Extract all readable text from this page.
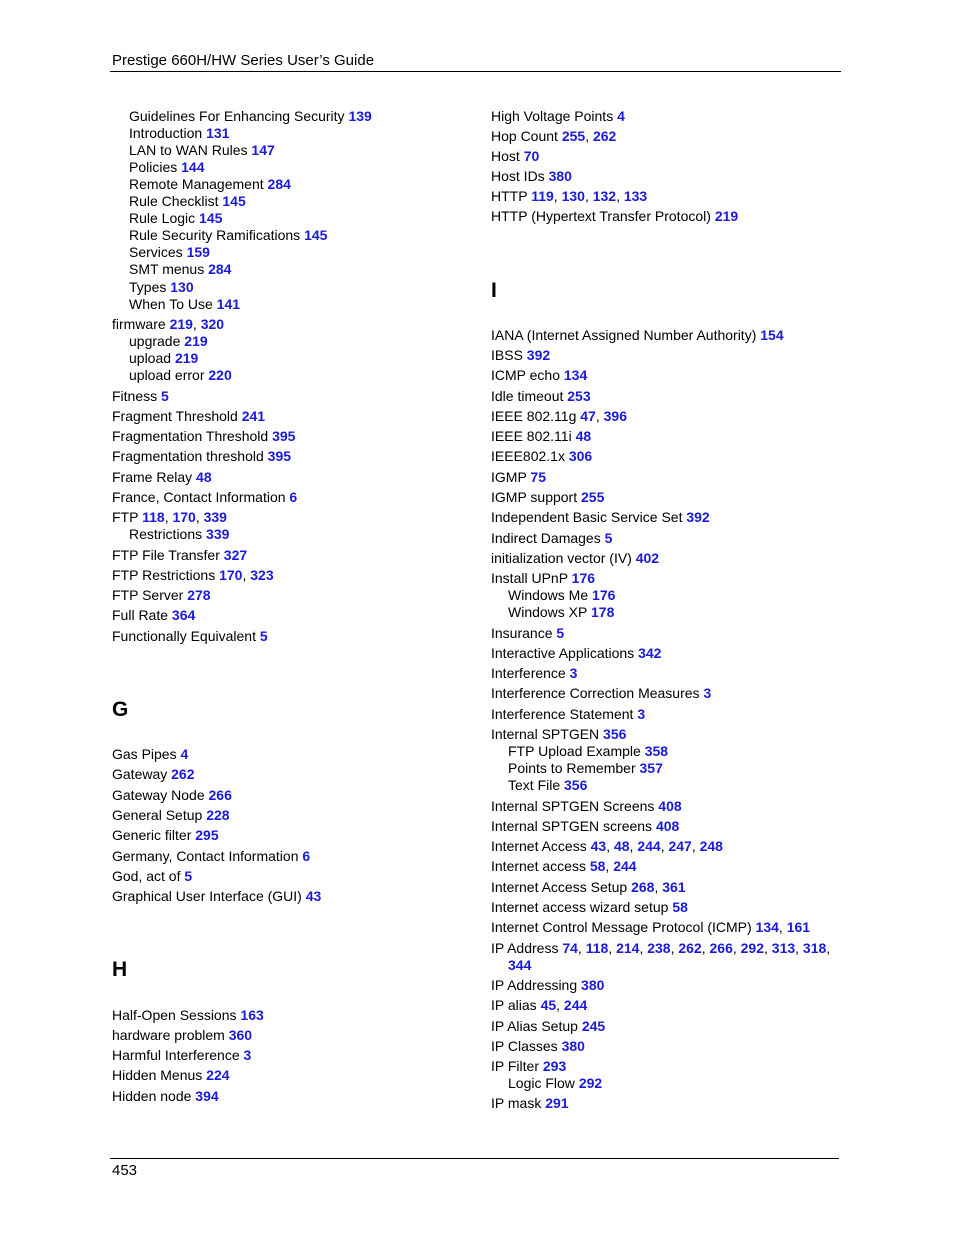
Prestige 660H/HW Series User’s Guide
Guidelines For Enhancing Security 139
Introduction 131
LAN to WAN Rules 147
Policies 144
Remote Management 284
Rule Checklist 145
Rule Logic 145
Rule Security Ramifications 145
Services 159
SMT menus 284
Types 130
When To Use 141
firmware 219, 320
upgrade 219
upload 219
upload error 220
Fitness 5
Fragment Threshold 241
Fragmentation Threshold 395
Fragmentation threshold 395
Frame Relay 48
France, Contact Information 6
FTP 118, 170, 339
Restrictions 339
FTP File Transfer 327
FTP Restrictions 170, 323
FTP Server 278
Full Rate 364
Functionally Equivalent 5
G
Gas Pipes 4
Gateway 262
Gateway Node 266
General Setup 228
Generic filter 295
Germany, Contact Information 6
God, act of 5
Graphical User Interface (GUI) 43
H
Half-Open Sessions 163
hardware problem 360
Harmful Interference 3
Hidden Menus 224
Hidden node 394
High Voltage Points 4
Hop Count 255, 262
Host 70
Host IDs 380
HTTP 119, 130, 132, 133
HTTP (Hypertext Transfer Protocol) 219
I
IANA (Internet Assigned Number Authority) 154
IBSS 392
ICMP echo 134
Idle timeout 253
IEEE 802.11g 47, 396
IEEE 802.11i 48
IEEE802.1x 306
IGMP 75
IGMP support 255
Independent Basic Service Set 392
Indirect Damages 5
initialization vector (IV) 402
Install UPnP 176
Windows Me 176
Windows XP 178
Insurance 5
Interactive Applications 342
Interference 3
Interference Correction Measures 3
Interference Statement 3
Internal SPTGEN 356
FTP Upload Example 358
Points to Remember 357
Text File 356
Internal SPTGEN Screens 408
Internal SPTGEN screens 408
Internet Access 43, 48, 244, 247, 248
Internet access 58, 244
Internet Access Setup 268, 361
Internet access wizard setup 58
Internet Control Message Protocol (ICMP) 134, 161
IP Address 74, 118, 214, 238, 262, 266, 292, 313, 318,
344
IP Addressing 380
IP alias 45, 244
IP Alias Setup 245
IP Classes 380
IP Filter 293
Logic Flow 292
IP mask 291
453
